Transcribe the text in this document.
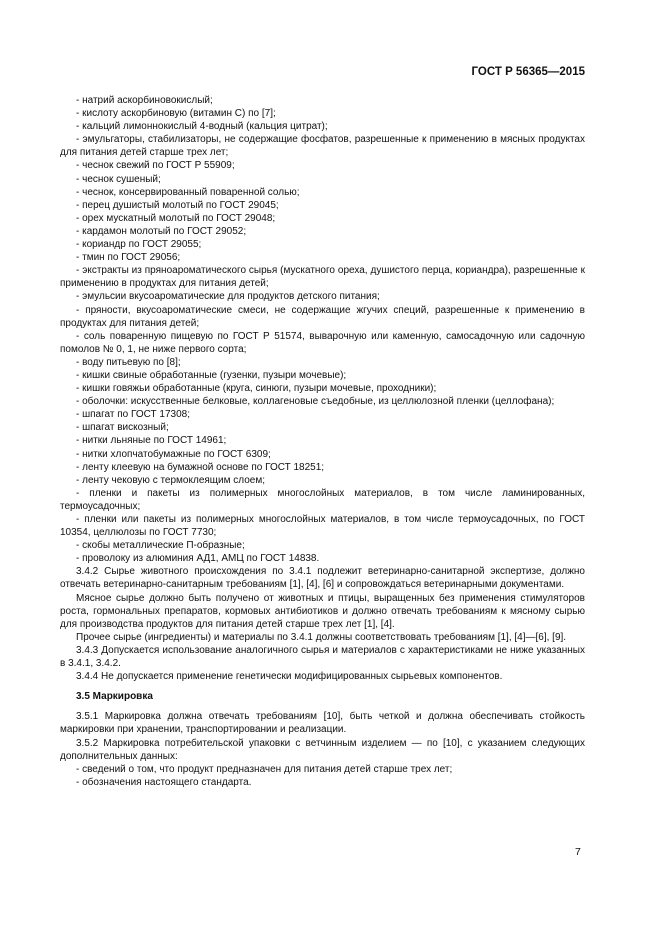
ГОСТ Р 56365—2015

- натрий аскорбиновокислый;

- кислоту аскорбиновую (витамин С) по [7];

- кальций лимоннокислый 4-водный (кальция цитрат);

- эмульгаторы, стабилизаторы, не содержащие фосфатов, разрешенные к применению в мясных продуктах для питания детей старше трех лет;

- чеснок свежий по ГОСТ Р 55909;

- чеснок сушеный;

- чеснок, консервированный поваренной солью;

- перец душистый молотый по ГОСТ 29045;

- орех мускатный молотый по ГОСТ 29048;

- кардамон молотый по ГОСТ 29052;

- кориандр по ГОСТ 29055;

- тмин по ГОСТ 29056;

- экстракты из пряноароматического сырья (мускатного ореха, душистого перца, кориандра), разрешенные к применению в продуктах для питания детей;

- эмульсии вкусоароматические для продуктов детского питания;

- пряности, вкусоароматические смеси, не содержащие жгучих специй, разрешенные к применению в продуктах для питания детей;

- соль поваренную пищевую по ГОСТ Р 51574, выварочную или каменную, самосадочную или садочную помолов № 0, 1, не ниже первого сорта;

- воду питьевую по [8];

- кишки свиные обработанные (гузенки, пузыри мочевые);

- кишки говяжьи обработанные (круга, синюги, пузыри мочевые, проходники);

- оболочки: искусственные белковые, коллагеновые съедобные, из целлюлозной пленки (целлофана);

- шпагат по ГОСТ 17308;

- шпагат вискозный;

- нитки льняные по ГОСТ 14961;

- нитки хлопчатобумажные по ГОСТ 6309;

- ленту клеевую на бумажной основе по ГОСТ 18251;

- ленту чековую с термоклеящим слоем;

- пленки и пакеты из полимерных многослойных материалов, в том числе ламинированных, термоусадочных;

- пленки или пакеты из полимерных многослойных материалов, в том числе термоусадочных, по ГОСТ 10354, целлюлозы по ГОСТ 7730;

- скобы металлические П-образные;

- проволоку из алюминия АД1, АМЦ по ГОСТ 14838.

3.4.2 Сырье животного происхождения по 3.4.1 подлежит ветеринарно-санитарной экспертизе, должно отвечать ветеринарно-санитарным требованиям [1], [4], [6] и сопровождаться ветеринарными документами.

Мясное сырье должно быть получено от животных и птицы, выращенных без применения стимуляторов роста, гормональных препаратов, кормовых антибиотиков и должно отвечать требованиям к мясному сырью для производства продуктов для питания детей старше трех лет [1], [4].

Прочее сырье (ингредиенты) и материалы по 3.4.1 должны соответствовать требованиям [1], [4]—[6], [9].

3.4.3 Допускается использование аналогичного сырья и материалов с характеристиками не ниже указанных в 3.4.1, 3.4.2.

3.4.4 Не допускается применение генетически модифицированных сырьевых компонентов.

3.5 Маркировка

3.5.1 Маркировка должна отвечать требованиям [10], быть четкой и должна обеспечивать стойкость маркировки при хранении, транспортировании и реализации.

3.5.2 Маркировка потребительской упаковки с ветчинным изделием — по [10], с указанием следующих дополнительных данных:

- сведений о том, что продукт предназначен для питания детей старше трех лет;

- обозначения настоящего стандарта.

7
